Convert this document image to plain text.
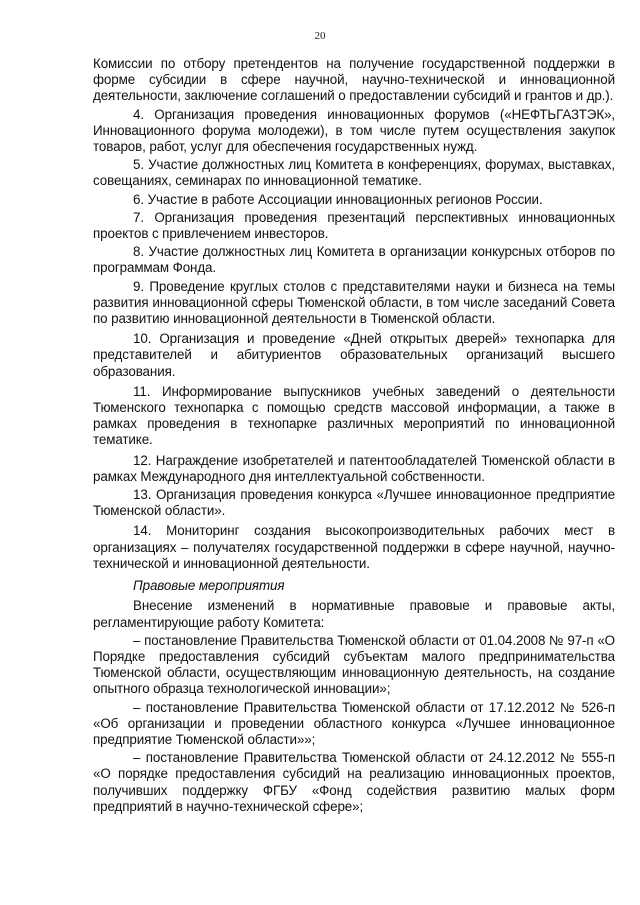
20

Комиссии по отбору претендентов на получение государственной поддержки в форме субсидии в сфере научной, научно-технической и инновационной деятельности, заключение соглашений о предоставлении субсидий и грантов и др.).

4. Организация проведения инновационных форумов («НЕФТЬГАЗТЭК», Инновационного форума молодежи), в том числе путем осуществления закупок товаров, работ, услуг для обеспечения государственных нужд.

5. Участие должностных лиц Комитета в конференциях, форумах, выставках, совещаниях, семинарах по инновационной тематике.

6. Участие в работе Ассоциации инновационных регионов России.

7. Организация проведения презентаций перспективных инновационных проектов с привлечением инвесторов.

8. Участие должностных лиц Комитета в организации конкурсных отборов по программам Фонда.

9. Проведение круглых столов с представителями науки и бизнеса на темы развития инновационной сферы Тюменской области, в том числе заседаний Совета по развитию инновационной деятельности в Тюменской области.

10. Организация и проведение «Дней открытых дверей» технопарка для представителей и абитуриентов образовательных организаций высшего образования.

11. Информирование выпускников учебных заведений о деятельности Тюменского технопарка с помощью средств массовой информации, а также в рамках проведения в технопарке различных мероприятий по инновационной тематике.

12. Награждение изобретателей и патентообладателей Тюменской области в рамках Международного дня интеллектуальной собственности.

13. Организация проведения конкурса «Лучшее инновационное предприятие Тюменской области».

14. Мониторинг создания высокопроизводительных рабочих мест в организациях – получателях государственной поддержки в сфере научной, научно-технической и инновационной деятельности.

Правовые мероприятия

Внесение изменений в нормативные правовые и правовые акты, регламентирующие работу Комитета:

– постановление Правительства Тюменской области от 01.04.2008 № 97-п «О Порядке предоставления субсидий субъектам малого предпринимательства Тюменской области, осуществляющим инновационную деятельность, на создание опытного образца технологической инновации»;

– постановление Правительства Тюменской области от 17.12.2012 № 526-п «Об организации и проведении областного конкурса «Лучшее инновационное предприятие Тюменской области»»;

– постановление Правительства Тюменской области от 24.12.2012 № 555-п «О порядке предоставления субсидий на реализацию инновационных проектов, получивших поддержку ФГБУ «Фонд содействия развитию малых форм предприятий в научно-технической сфере»;
